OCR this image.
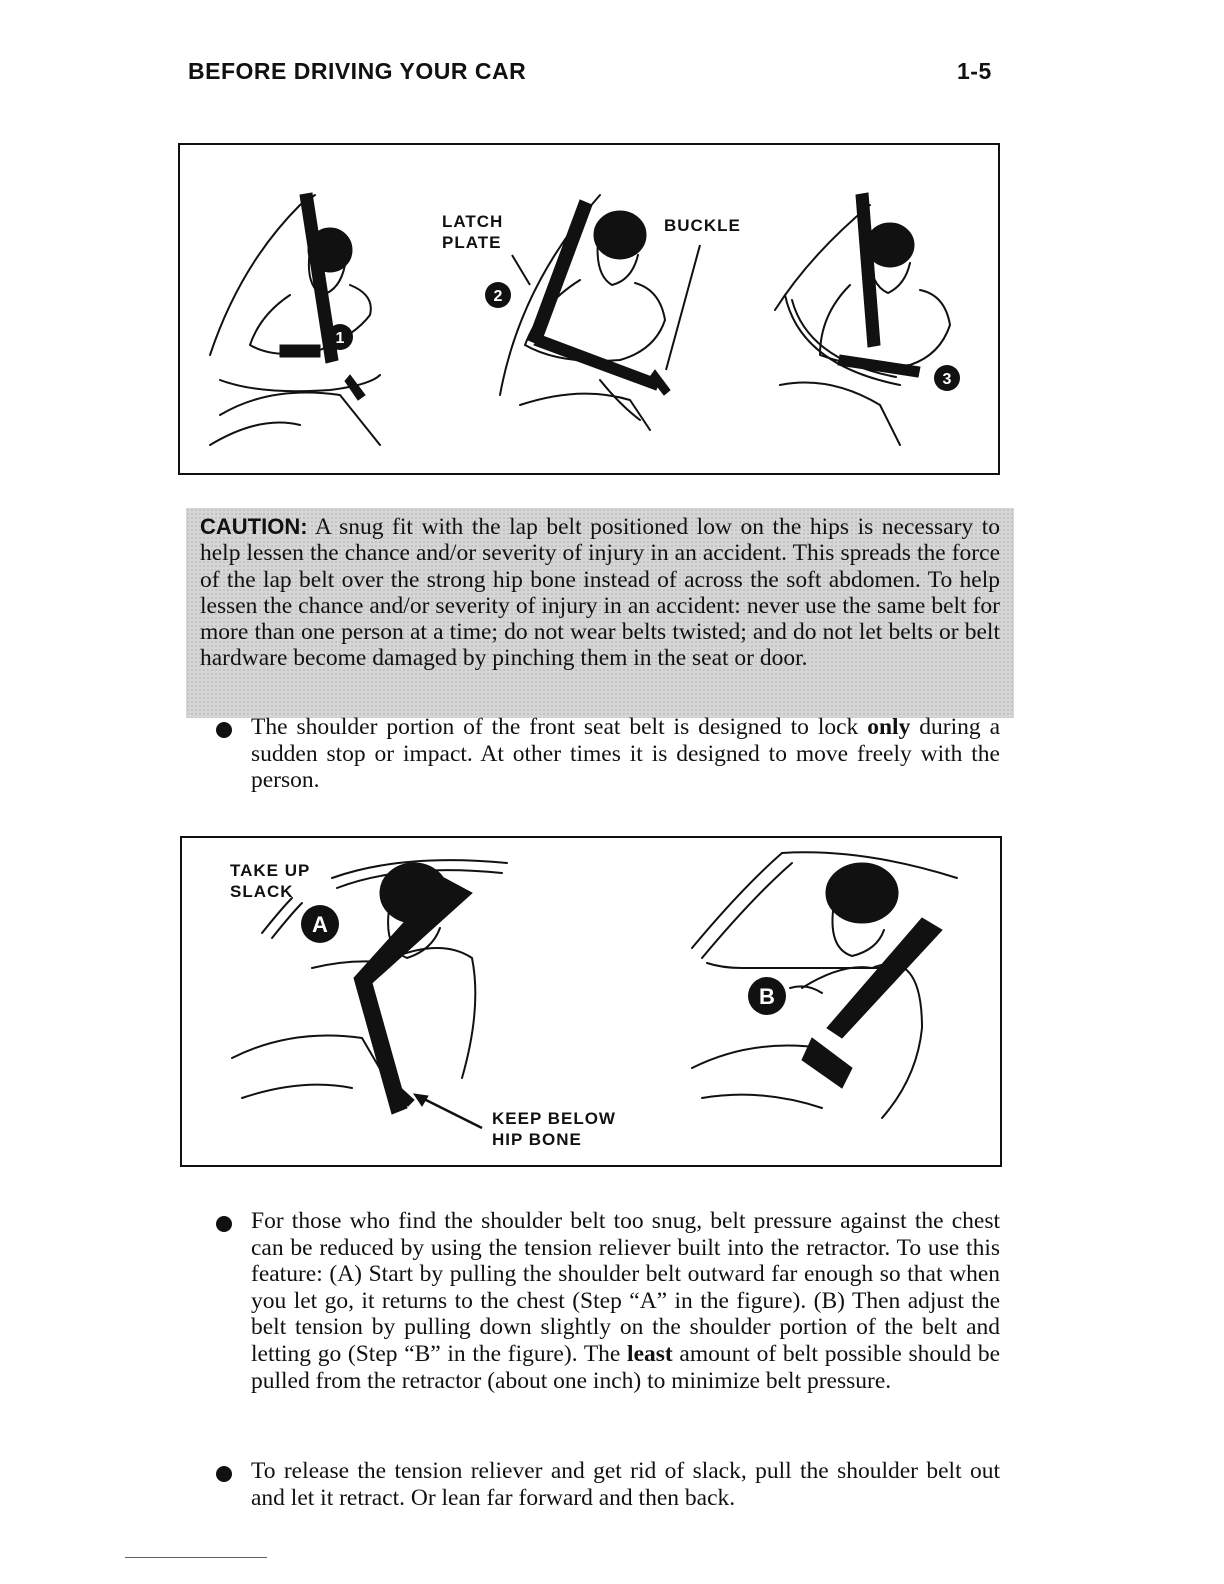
BEFORE DRIVING YOUR CAR	1-5
1
2
3
LATCH
PLATE
BUCKLE
CAUTION: A snug fit with the lap belt positioned low on the hips is necessary to help lessen the chance and/or severity of injury in an accident. This spreads the force of the lap belt over the strong hip bone instead of across the soft abdomen. To help lessen the chance and/or severity of injury in an accident: never use the same belt for more than one person at a time; do not wear belts twisted; and do not let belts or belt hardware become damaged by pinching them in the seat or door.
The shoulder portion of the front seat belt is designed to lock only during a sudden stop or impact. At other times it is designed to move freely with the person.
A
B
TAKE UP
SLACK
KEEP BELOW
HIP BONE
For those who find the shoulder belt too snug, belt pressure against the chest can be reduced by using the tension reliever built into the retractor. To use this feature: (A) Start by pulling the shoulder belt outward far enough so that when you let go, it returns to the chest (Step “A” in the figure). (B) Then adjust the belt tension by pulling down slightly on the shoulder portion of the belt and letting go (Step “B” in the figure). The least amount of belt possible should be pulled from the retractor (about one inch) to minimize belt pressure.
To release the tension reliever and get rid of slack, pull the shoulder belt out and let it retract. Or lean far forward and then back.
